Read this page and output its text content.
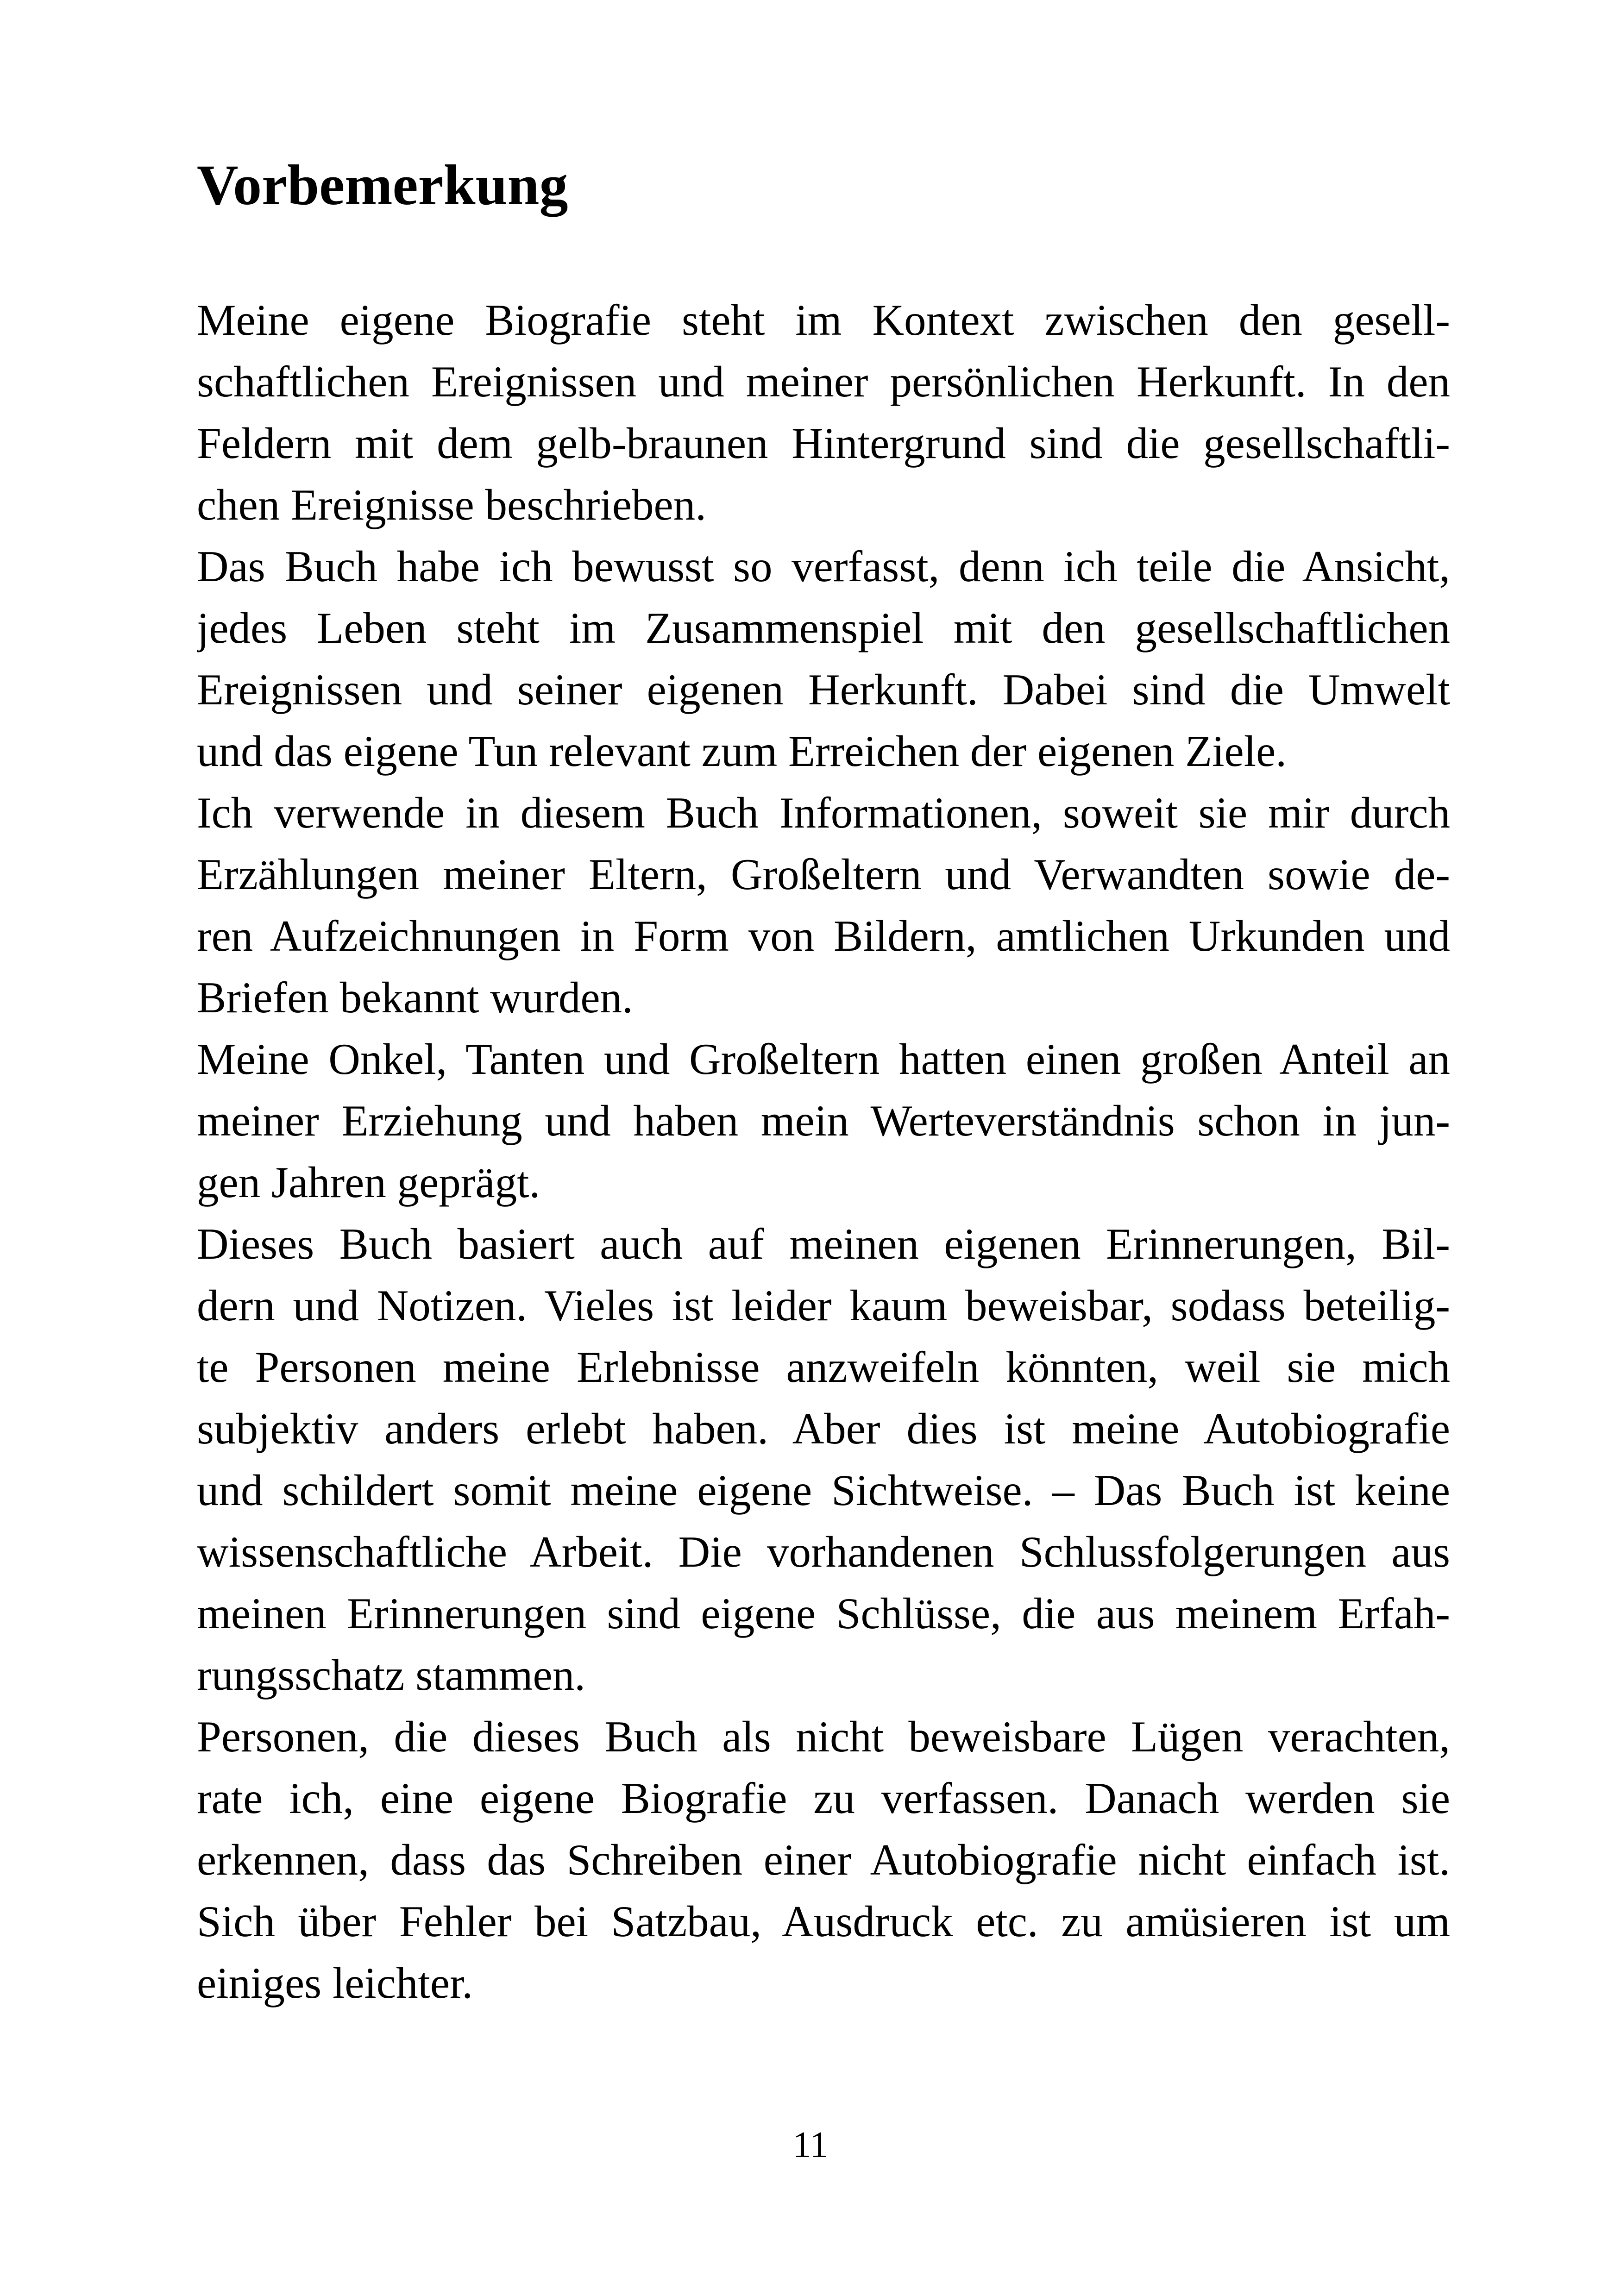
Vorbemerkung
Meine eigene Biografie steht im Kontext zwischen den gesell-
schaftlichen Ereignissen und meiner persönlichen Herkunft. In den
Feldern mit dem gelb-braunen Hintergrund sind die gesellschaftli-
chen Ereignisse beschrieben.
Das Buch habe ich bewusst so verfasst, denn ich teile die Ansicht,
jedes Leben steht im Zusammenspiel mit den gesellschaftlichen
Ereignissen und seiner eigenen Herkunft. Dabei sind die Umwelt
und das eigene Tun relevant zum Erreichen der eigenen Ziele.
Ich verwende in diesem Buch Informationen, soweit sie mir durch
Erzählungen meiner Eltern, Großeltern und Verwandten sowie de-
ren Aufzeichnungen in Form von Bildern, amtlichen Urkunden und
Briefen bekannt wurden.
Meine Onkel, Tanten und Großeltern hatten einen großen Anteil an
meiner Erziehung und haben mein Werteverständnis schon in jun-
gen Jahren geprägt.
Dieses Buch basiert auch auf meinen eigenen Erinnerungen, Bil-
dern und Notizen. Vieles ist leider kaum beweisbar, sodass beteilig-
te Personen meine Erlebnisse anzweifeln könnten, weil sie mich
subjektiv anders erlebt haben. Aber dies ist meine Autobiografie
und schildert somit meine eigene Sichtweise. – Das Buch ist keine
wissenschaftliche Arbeit. Die vorhandenen Schlussfolgerungen aus
meinen Erinnerungen sind eigene Schlüsse, die aus meinem Erfah-
rungsschatz stammen.
Personen, die dieses Buch als nicht beweisbare Lügen verachten,
rate ich, eine eigene Biografie zu verfassen. Danach werden sie
erkennen, dass das Schreiben einer Autobiografie nicht einfach ist.
Sich über Fehler bei Satzbau, Ausdruck etc. zu amüsieren ist um
einiges leichter.
11
